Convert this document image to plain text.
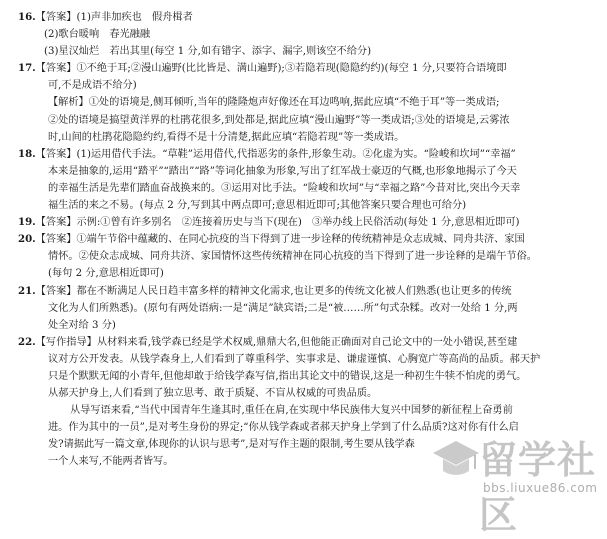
16.【答案】(1)声非加疾也　假舟楫者
(2)歌台暖响　春光融融
(3)星汉灿烂　若出其里(每空 1 分,如有错字、添字、漏字,则该空不给分)
17.【答案】①不绝于耳;②漫山遍野(比比皆是、满山遍野);③若隐若现(隐隐约约)(每空 1 分,只要符合语境即
可,不是成语不给分)
【解析】①处的语境是,侧耳倾听,当年的隆隆炮声好像还在耳边鸣响,据此应填“不绝于耳”等一类成语;
②处的语境是搞望黄洋界的杜鹃花很多,到处都是,据此应填“漫山遍野”等一类成语;③处的语境是,云雾浓
时,山间的杜鹃花隐隐约约,看得不是十分清楚,据此应填“若隐若现”等一类成语。
18.【答案】(1)运用借代手法。“草鞋”运用借代,代指恶劣的条件,形象生动。②化虚为实。“险峻和坎坷”“幸福”
本来是抽象的,运用“踏平”“踏出”“路”等词化抽象为形象,写出了红军战士豪迈的气概,也形象地揭示了今天
的幸福生活是先辈们踏血奋战换来的。③运用对比手法。“险峻和坎坷”与“幸福之路”今昔对比,突出今天幸
福生活的来之不易。(每点 2 分,写到其中两点即可;意思相近即可;其他答案只要合理也可给分)
19.【答案】示例:①曾有许多别名　②连接着历史与当下(现在)　③举办线上民俗活动(每处 1 分,意思相近即可)
20.【答案】①端午节俗中蕴藏的、在同心抗疫的当下得到了进一步诠释的传统精神是众志成城、同舟共济、家国
情怀。②使众志成城、同舟共济、家国情怀这些传统精神在同心抗疫的当下得到了进一步诠释的是端午节俗。
(每句 2 分,意思相近即可)
21.【答案】都在不断满足人民日趋丰富多样的精神文化需求,也让更多的传统文化被人们熟悉(也让更多的传统
文化为人们所熟悉)。(原句有两处语病:一是“满足”缺宾语;二是“被……所”句式杂糅。改对一处给 1 分,两
处全对给 3 分)
22.【写作指导】从材料来看,钱学森已经是学术权威,鼎鼎大名,但他能正确面对自己论文中的一处小错误,甚至建
议对方公开发表。从钱学森身上,人们看到了尊重科学、实事求是、谦虚谨慎、心胸宽广等高尚的品质。郝天护
只是个默默无闻的小青年,但他却敢于给钱学森写信,指出其论文中的错误,这是一种初生牛犊不怕虎的勇气。
从郝天护身上,人们看到了独立思考、敢于质疑、不盲从权威的可贵品质。
从导写语来看,“当代中国青年生逢其时,重任在肩,在实现中华民族伟大复兴中国梦的新征程上奋勇前
进。作为其中的一员”,是对考生身份的界定;“你从钱学森或者郝天护身上学到了什么品质?这对你有什么启
发?请据此写一篇文章,体现你的认识与思考”,是对写作主题的限制,考生要从钱学森
一个人来写,不能两者皆写。	留学社区
bbs.liuxue86.com
